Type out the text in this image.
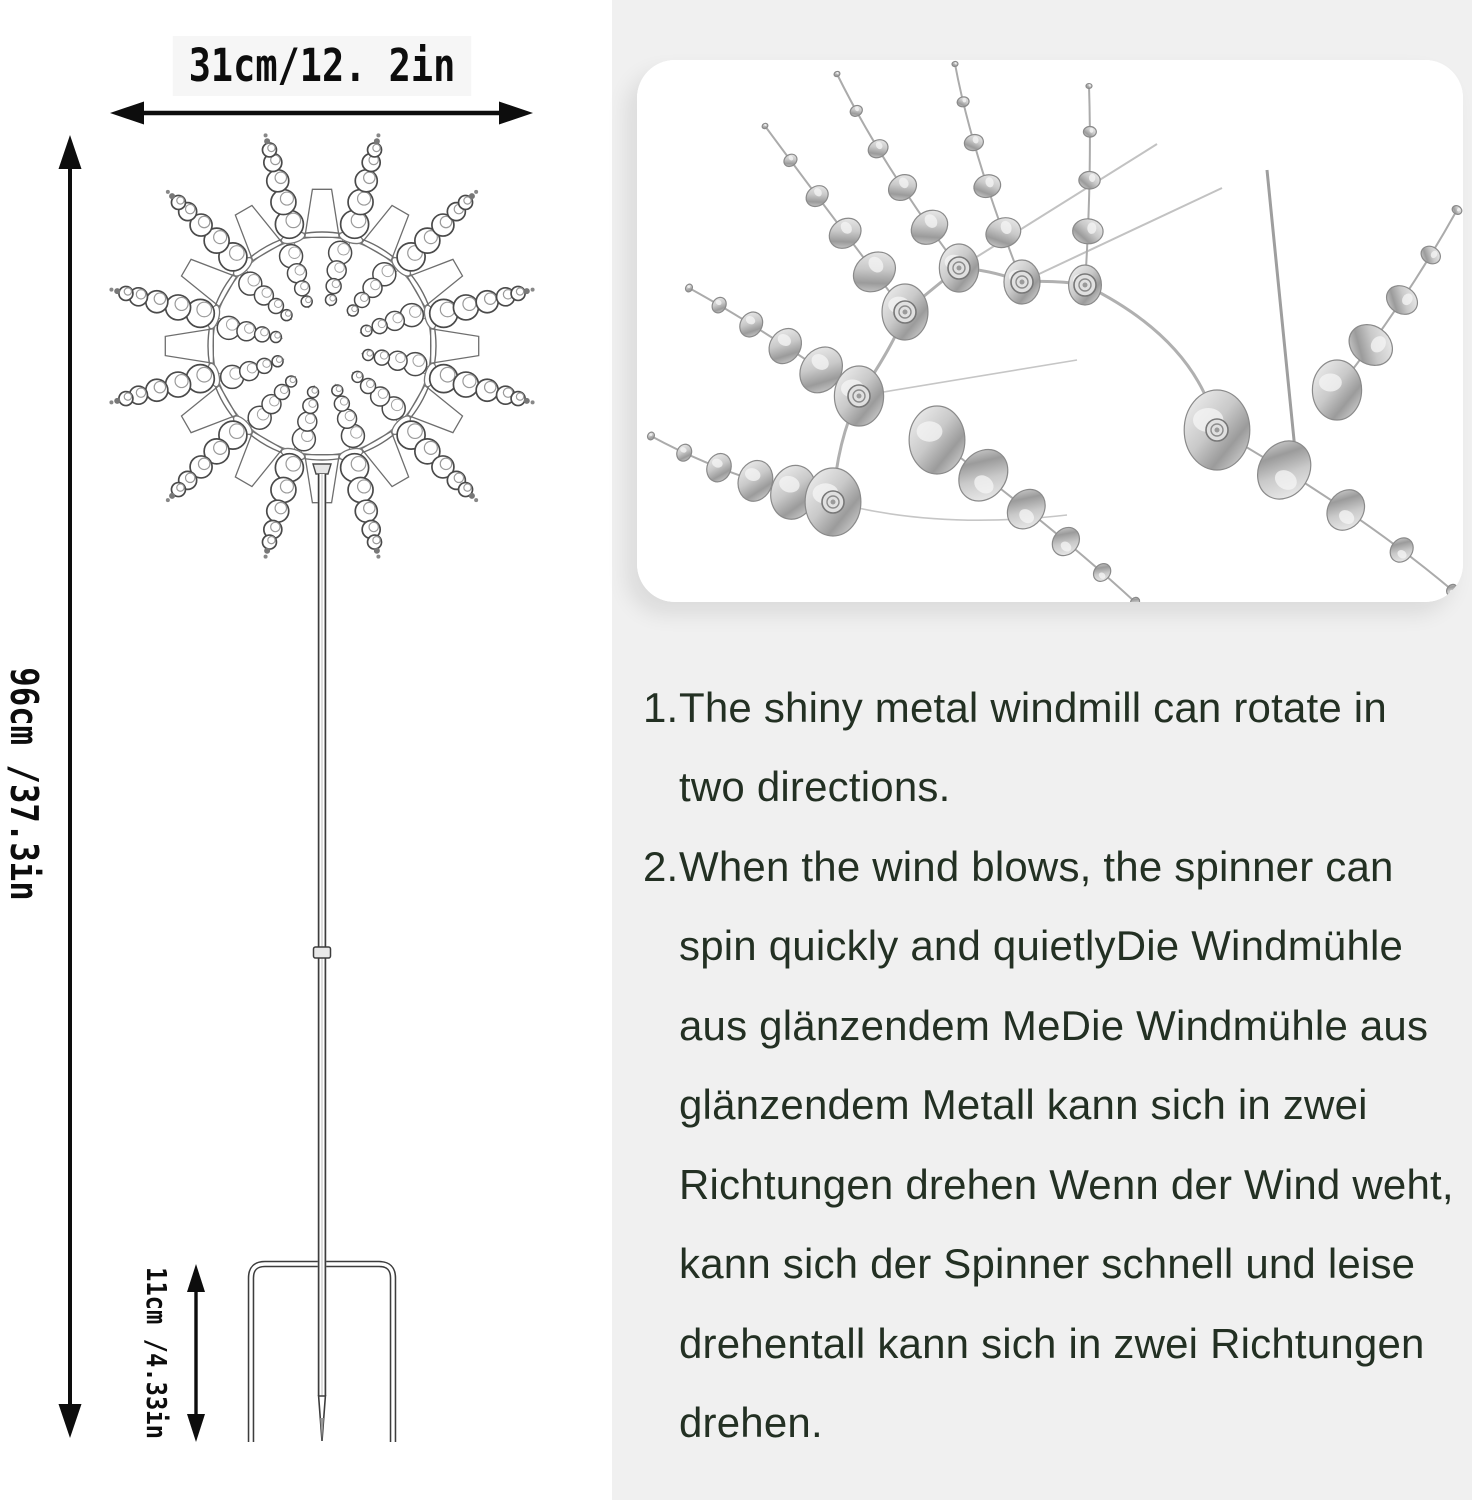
31cm/12. 2in
96cm /37.3in
11cm /4.33in
1. The shiny metal windmill can rotate in
two directions.
2. When the wind blows, the spinner can
spin quickly and quietlyDie Windmühle
aus glänzendem MeDie Windmühle aus
glänzendem Metall kann sich in zwei
Richtungen drehen Wenn der Wind weht,
kann sich der Spinner schnell und leise
drehentall kann sich in zwei Richtungen
drehen.
